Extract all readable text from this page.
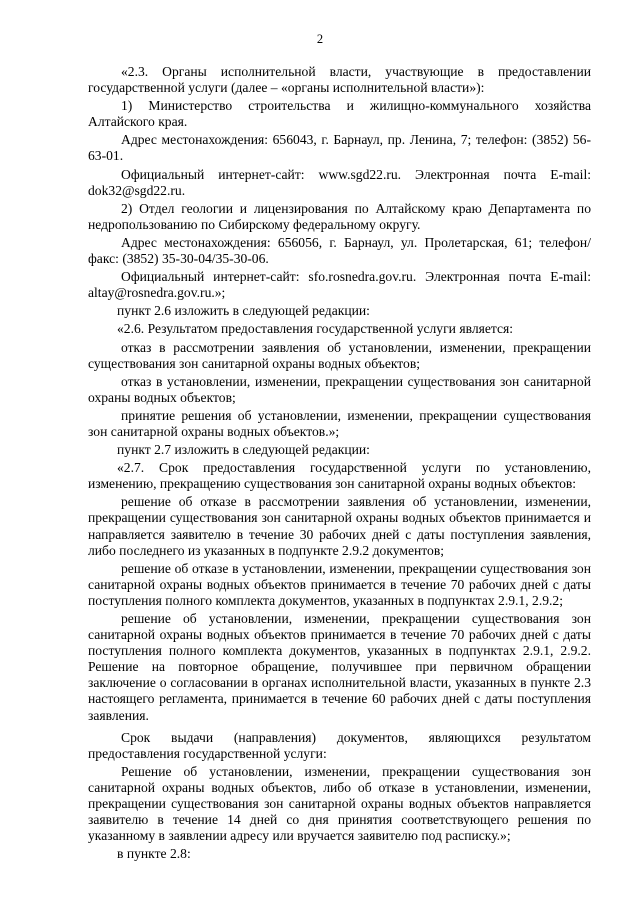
2

«2.3. Органы исполнительной власти, участвующие в предоставлении государственной услуги (далее – «органы исполнительной власти»):

1) Министерство строительства и жилищно-коммунального хозяйства Алтайского края.

Адрес местонахождения: 656043, г. Барнаул, пр. Ленина, 7; телефон: (3852) 56-63-01.

Официальный интернет-сайт: www.sgd22.ru. Электронная почта E-mail: dok32@sgd22.ru.

2) Отдел геологии и лицензирования по Алтайскому краю Департамента по недропользованию по Сибирскому федеральному округу.

Адрес местонахождения: 656056, г. Барнаул, ул. Пролетарская, 61; телефон/факс: (3852) 35-30-04/35-30-06.

Официальный интернет-сайт: sfo.rosnedra.gov.ru. Электронная почта E-mail: altay@rosnedra.gov.ru.»;

пункт 2.6 изложить в следующей редакции:

«2.6. Результатом предоставления государственной услуги является:

отказ в рассмотрении заявления об установлении, изменении, прекращении существования зон санитарной охраны водных объектов;

отказ в установлении, изменении, прекращении существования зон санитарной охраны водных объектов;

принятие решения об установлении, изменении, прекращении существования зон санитарной охраны водных объектов.»;

пункт 2.7 изложить в следующей редакции:

«2.7. Срок предоставления государственной услуги по установлению, изменению, прекращению существования зон санитарной охраны водных объектов:

решение об отказе в рассмотрении заявления об установлении, изменении, прекращении существования зон санитарной охраны водных объектов принимается и направляется заявителю в течение 30 рабочих дней с даты поступления заявления, либо последнего из указанных в подпункте 2.9.2 документов;

решение об отказе в установлении, изменении, прекращении существования зон санитарной охраны водных объектов принимается в течение 70 рабочих дней с даты поступления полного комплекта документов, указанных в подпунктах 2.9.1, 2.9.2;

решение об установлении, изменении, прекращении существования зон санитарной охраны водных объектов принимается в течение 70 рабочих дней с даты поступления полного комплекта документов, указанных в подпунктах 2.9.1, 2.9.2. Решение на повторное обращение, получившее при первичном обращении заключение о согласовании в органах исполнительной власти, указанных в пункте 2.3 настоящего регламента, принимается в течение 60 рабочих дней с даты поступления заявления.

Срок выдачи (направления) документов, являющихся результатом предоставления государственной услуги:

Решение об установлении, изменении, прекращении существования зон санитарной охраны водных объектов, либо об отказе в установлении, изменении, прекращении существования зон санитарной охраны водных объектов направляется заявителю в течение 14 дней со дня принятия соответствующего решения по указанному в заявлении адресу или вручается заявителю под расписку.»;

в пункте 2.8:
